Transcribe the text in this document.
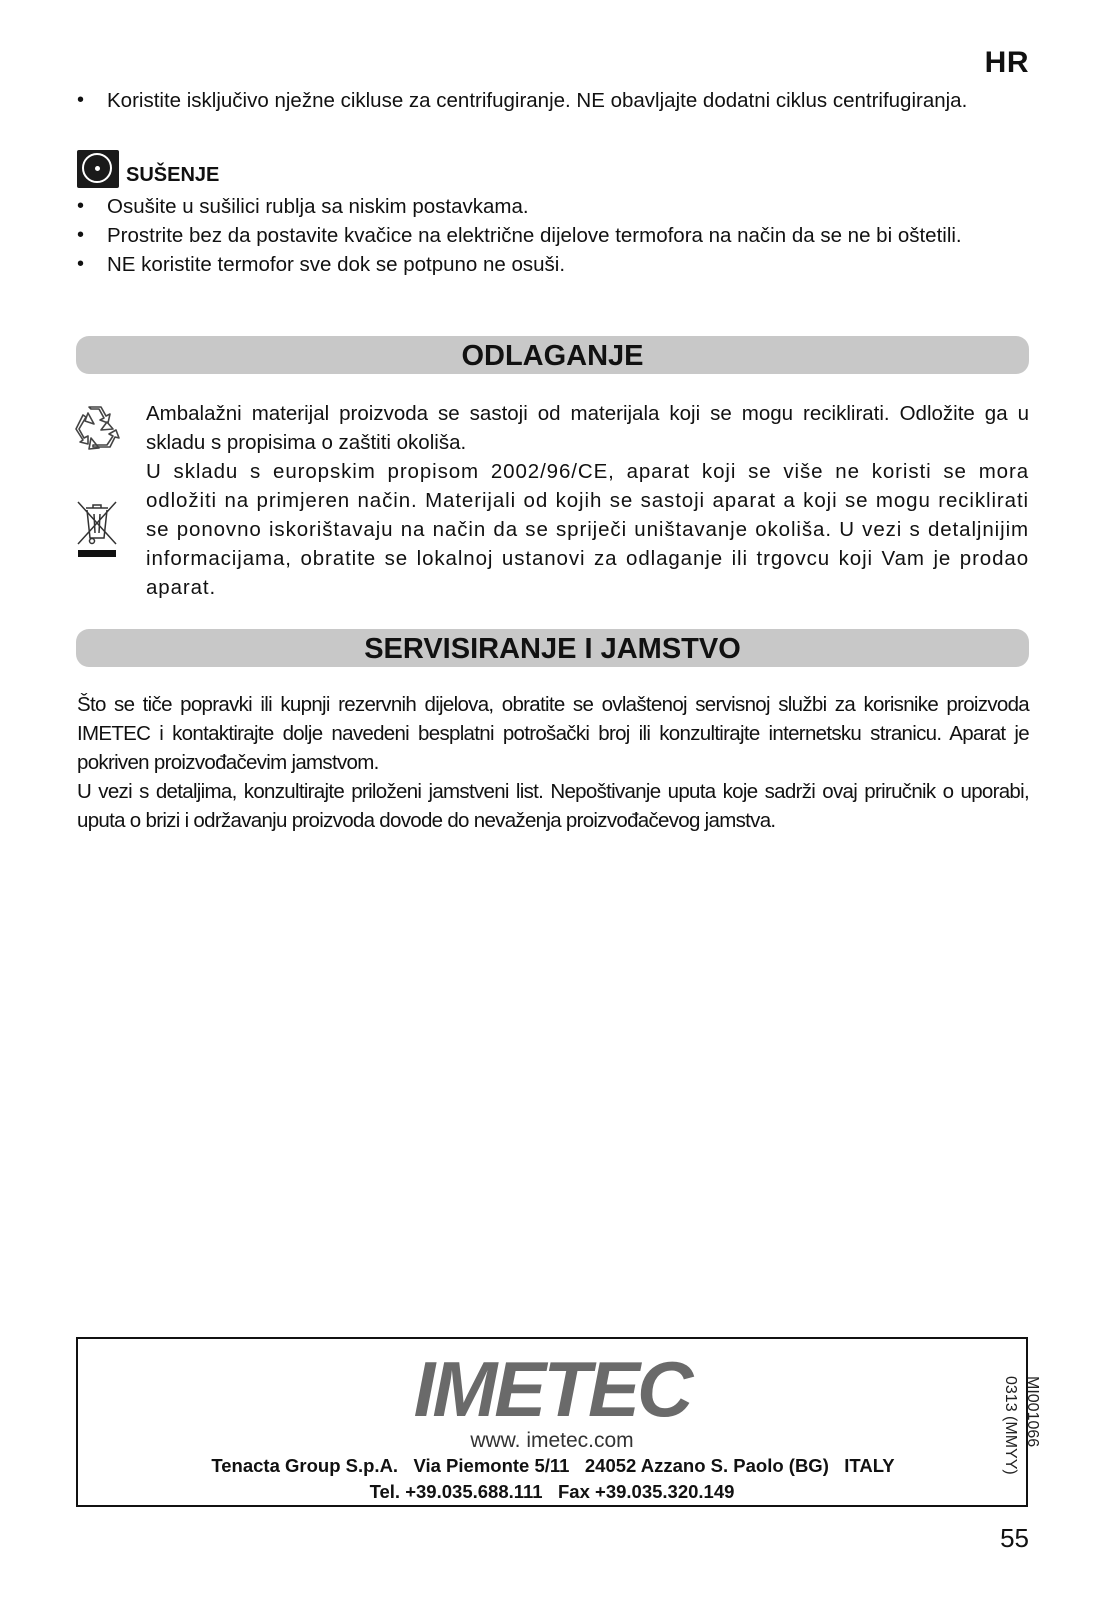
HR
• Koristite isključivo nježne cikluse za centrifugiranje. NE obavljajte dodatni ciklus centrifugiranja.
SUŠENJE
• Osušite u sušilici rublja sa niskim postavkama.
• Prostrite bez da postavite kvačice na električne dijelove termofora na način da se ne bi oštetili.
• NE koristite termofor sve dok se potpuno ne osuši.
ODLAGANJE

Ambalažni materijal proizvoda se sastoji od materijala koji se mogu reciklirati. Odložite ga u skladu s propisima o zaštiti okoliša.

U skladu s europskim propisom 2002/96/CE, aparat koji se više ne koristi se mora odložiti na primjeren način. Materijali od kojih se sastoji aparat a koji se mogu reciklirati se ponovno iskorištavaju na način da se spriječi uništavanje okoliša. U vezi s detaljnijim informacijama, obratite se lokalnoj ustanovi za odlaganje ili trgovcu koji Vam je prodao aparat.

SERVISIRANJE I JAMSTVO

Što se tiče popravki ili kupnji rezervnih dijelova, obratite se ovlaštenoj servisnoj službi za korisnike proizvoda IMETEC i kontaktirajte dolje navedeni besplatni potrošački broj ili konzultirajte internetsku stranicu. Aparat je pokriven proizvođačevim jamstvom.

U vezi s detaljima, konzultirajte priloženi jamstveni list. Nepoštivanje uputa koje sadrži ovaj priručnik o uporabi, uputa o brizi i održavanju proizvoda dovode do nevaženja proizvođačevog jamstva.

IMETEC
www. imetec.com
Tenacta Group S.p.A.   Via Piemonte 5/11   24052 Azzano S. Paolo (BG)   ITALY
Tel. +39.035.688.111   Fax +39.035.320.149
MI001066
0313 (MMYY)
55
